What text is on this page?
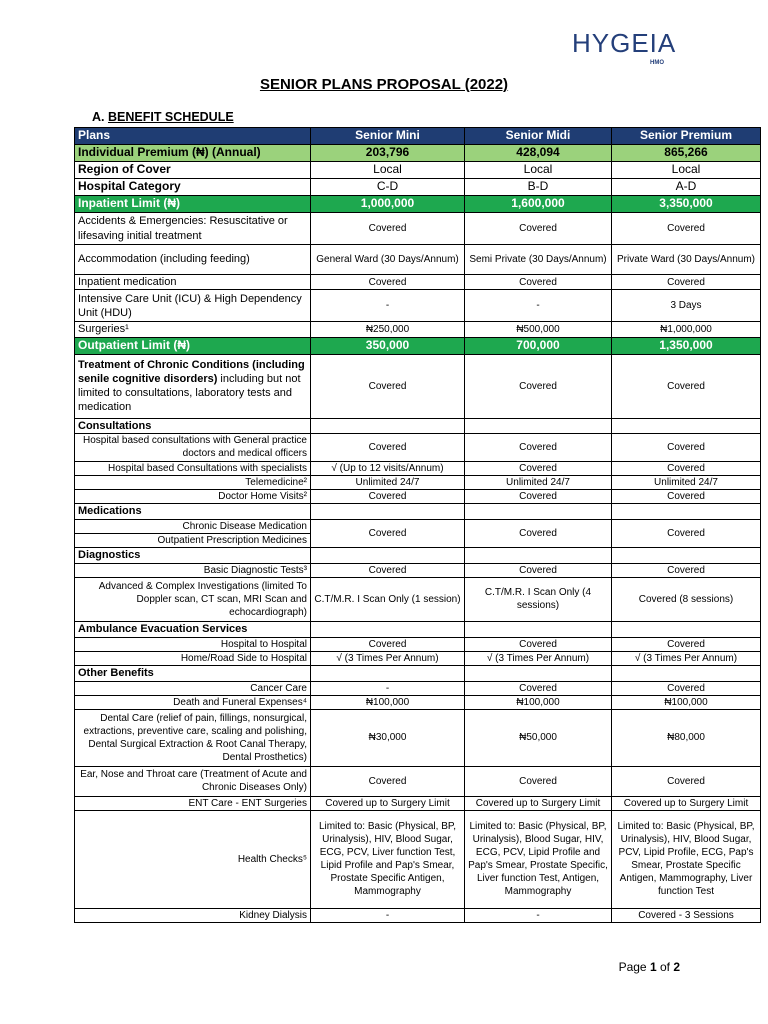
HYGEIA
HMO
SENIOR PLANS PROPOSAL (2022)
A. BENEFIT SCHEDULE
Plans	Senior Mini	Senior Midi	Senior Premium
Individual Premium (₦) (Annual)	203,796	428,094	865,266
Region of Cover	Local	Local	Local
Hospital Category	C-D	B-D	A-D
Inpatient Limit (₦)	1,000,000	1,600,000	3,350,000
Accidents & Emergencies: Resuscitative or lifesaving initial treatment	Covered	Covered	Covered
Accommodation (including feeding)	General Ward (30 Days/Annum)	Semi Private (30 Days/Annum)	Private Ward (30 Days/Annum)
Inpatient medication	Covered	Covered	Covered
Intensive Care Unit (ICU) & High Dependency Unit (HDU)	-	-	3 Days
Surgeries¹	₦250,000	₦500,000	₦1,000,000
Outpatient Limit (₦)	350,000	700,000	1,350,000
Treatment of Chronic Conditions (including senile cognitive disorders) including but not limited to consultations, laboratory tests and medication	Covered	Covered	Covered
Consultations			
Hospital based consultations with General practice doctors and medical officers	Covered	Covered	Covered
Hospital based Consultations with specialists	√ (Up to 12 visits/Annum)	Covered	Covered
Telemedicine²	Unlimited 24/7	Unlimited 24/7	Unlimited 24/7
Doctor Home Visits²	Covered	Covered	Covered
Medications			
Chronic Disease Medication	Covered	Covered	Covered
Outpatient Prescription Medicines			
Diagnostics			
Basic Diagnostic Tests³	Covered	Covered	Covered
Advanced & Complex Investigations (limited To Doppler scan, CT scan, MRI Scan and echocardiograph)	C.T/M.R. I Scan Only (1 session)	C.T/M.R. I Scan Only (4 sessions)	Covered (8 sessions)
Ambulance Evacuation Services			
Hospital to Hospital	Covered	Covered	Covered
Home/Road Side to Hospital	√ (3 Times Per Annum)	√ (3 Times Per Annum)	√ (3 Times Per Annum)
Other Benefits			
Cancer Care	-	Covered	Covered
Death and Funeral Expenses⁴	₦100,000	₦100,000	₦100,000
Dental Care (relief of pain, fillings, nonsurgical, extractions, preventive care, scaling and polishing, Dental Surgical Extraction & Root Canal Therapy, Dental Prosthetics)	₦30,000	₦50,000	₦80,000
Ear, Nose and Throat care (Treatment of Acute and Chronic Diseases Only)	Covered	Covered	Covered
ENT Care - ENT Surgeries	Covered up to Surgery Limit	Covered up to Surgery Limit	Covered up to Surgery Limit
Health Checks⁵	Limited to: Basic (Physical, BP, Urinalysis), HIV, Blood Sugar, ECG, PCV, Liver function Test, Lipid Profile and Pap's Smear, Prostate Specific Antigen, Mammography	Limited to: Basic (Physical, BP, Urinalysis), Blood Sugar, HIV, ECG, PCV, Lipid Profile and Pap's Smear, Prostate Specific, Liver function Test, Antigen, Mammography	Limited to: Basic (Physical, BP, Urinalysis), HIV, Blood Sugar, PCV, Lipid Profile, ECG, Pap's Smear, Prostate Specific Antigen, Mammography, Liver function Test
Kidney Dialysis	-	-	Covered - 3 Sessions
Page 1 of 2
